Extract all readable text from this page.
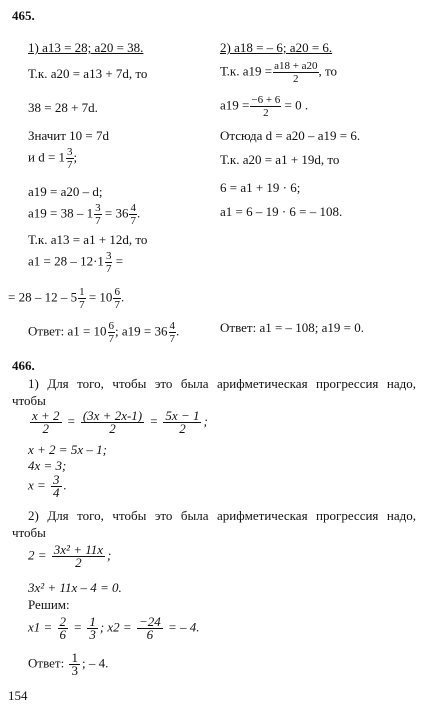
465.
1) a13 = 28; a20 = 38.
Т.к. a20 = a13 + 7d, то
38 = 28 + 7d.
Значит 10 = 7d
и $d = 1 \frac{3}{7}$ ;
a19 = a20 – d;
$a19 = 38 - 1 \frac{3}{7} = 36 \frac{4}{7}$ .
Т.к. a13 = a1 + 12d, то
$a1 = 28 - 12\cdot 1 \frac{3}{7}$ =
= $28 - 12 - 5 \frac{1}{7} = 10 \frac{6}{7}$ .
Ответ: $a1 = 10 \frac{6}{7}$ ; $a19 = 36 \frac{4}{7}$ .
2) a18 = – 6; a20 = 6.
Т.к. $a19 = \frac{a18 + a20}{2}$ , то
$a19 = \frac{-6 + 6}{2} = 0$ .
Отсюда d = a20 – a19 = 6.
Т.к. a20 = a1 + 19d, то
6 = a1 + 19 · 6;
a1 = 6 – 19 · 6 = – 108.
Ответ: a1 = – 108; a19 = 0.
466.
1) Для того, чтобы это была арифметическая прогрессия надо,
чтобы
$\frac{x + 2}{2} = \frac{(3x + 2x-1)}{2} = \frac{5x - 1}{2}$ ;
x + 2 = 5x – 1;
4x = 3;
$x = \frac{3}{4}$ .
2) Для того, чтобы это была арифметическая прогрессия надо,
чтобы
$2 = \frac{\text{3x² + 11x}}{2}$ ;
3x² + 11x – 4 = 0.
Решим:
$x1 = \frac{2}{6} = \frac{1}{3}$ ; $x2 = \frac{-24}{6}$ = – 4.
Ответ: $\frac{1}{3}$ ; – 4.
154
